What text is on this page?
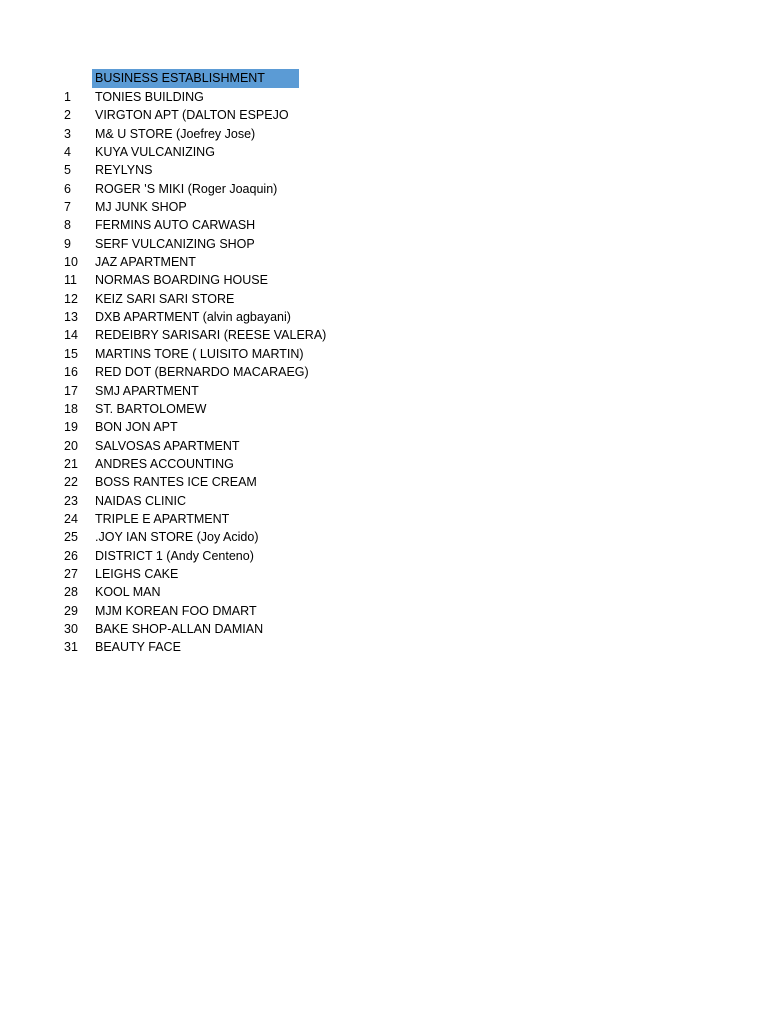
BUSINESS ESTABLISHMENT
1	TONIES BUILDING
2	VIRGTON APT (DALTON ESPEJO
3	M& U STORE (Joefrey Jose)
4	KUYA VULCANIZING
5	REYLYNS
6	ROGER 'S MIKI (Roger Joaquin)
7	MJ JUNK SHOP
8	FERMINS AUTO CARWASH
9	SERF VULCANIZING SHOP
10	JAZ APARTMENT
11	NORMAS BOARDING HOUSE
12	KEIZ SARI SARI STORE
13	DXB APARTMENT (alvin agbayani)
14	REDEIBRY SARISARI (REESE VALERA)
15	MARTINS TORE ( LUISITO MARTIN)
16	RED DOT (BERNARDO MACARAEG)
17	SMJ APARTMENT
18	ST. BARTOLOMEW
19	BON JON APT
20	SALVOSAS APARTMENT
21	ANDRES ACCOUNTING
22	BOSS RANTES ICE CREAM
23	NAIDAS CLINIC
24	TRIPLE E APARTMENT
25	.JOY IAN STORE (Joy Acido)
26	DISTRICT 1 (Andy Centeno)
27	LEIGHS CAKE
28	KOOL MAN
29	MJM KOREAN FOO DMART
30	BAKE SHOP-ALLAN DAMIAN
31	BEAUTY FACE
